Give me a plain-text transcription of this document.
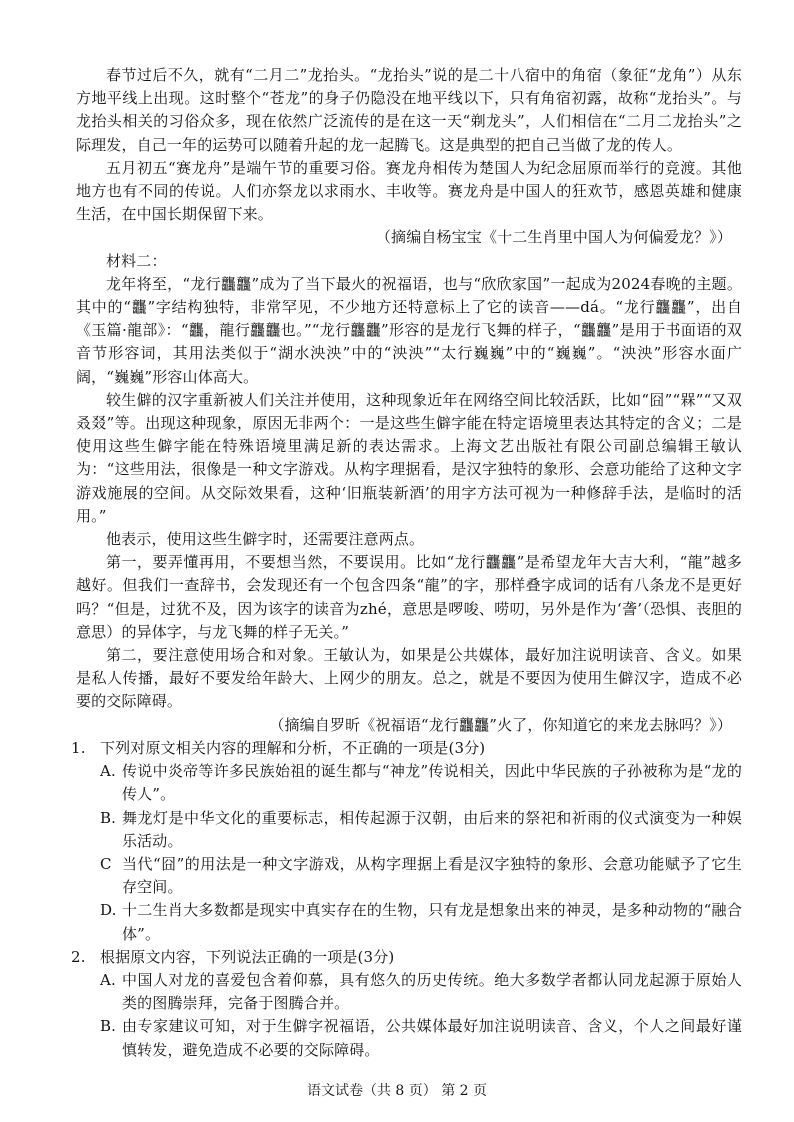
春节过后不久，就有“二月二”龙抬头。“龙抬头”说的是二十八宿中的角宿（象征“龙角”）从东方地平线上出现。这时整个“苍龙”的身子仍隐没在地平线以下，只有角宿初露，故称“龙抬头”。与龙抬头相关的习俗众多，现在依然广泛流传的是在这一天“剃龙头”，人们相信在“二月二龙抬头”之际理发，自己一年的运势可以随着升起的龙一起腾飞。这是典型的把自己当做了龙的传人。

五月初五“赛龙舟”是端午节的重要习俗。赛龙舟相传为楚国人为纪念屈原而举行的竞渡。其他地方也有不同的传说。人们亦祭龙以求雨水、丰收等。赛龙舟是中国人的狂欢节，感恩英雄和健康生活，在中国长期保留下来。

（摘编自杨宝宝《十二生肖里中国人为何偏爱龙？》）

材料二：

龙年将至，“龙行龘龘”成为了当下最火的祝福语，也与“欣欣家国”一起成为2024春晚的主题。其中的“龘”字结构独特，非常罕见，不少地方还特意标上了它的读音——dá。“龙行龘龘”，出自《玉篇·龍部》：“龘，龍行龘龘也。”“龙行龘龘”形容的是龙行飞舞的样子，“龘龘”是用于书面语的双音节形容词，其用法类似于“湖水泱泱”中的“泱泱”“太行巍巍”中的“巍巍”。“泱泱”形容水面广阔，“巍巍”形容山体高大。

较生僻的汉字重新被人们关注并使用，这种现象近年在网络空间比较活跃，比如“囧”“槑”“又双叒叕”等。出现这种现象，原因无非两个：一是这些生僻字能在特定语境里表达其特定的含义；二是使用这些生僻字能在特殊语境里满足新的表达需求。上海文艺出版社有限公司副总编辑王敏认为：“这些用法，很像是一种文字游戏。从构字理据看，是汉字独特的象形、会意功能给了这种文字游戏施展的空间。从交际效果看，这种‘旧瓶装新酒’的用字方法可视为一种修辞手法，是临时的活用。”

他表示，使用这些生僻字时，还需要注意两点。

第一，要弄懂再用，不要想当然，不要误用。比如“龙行龘龘”是希望龙年大吉大利，“龍”越多越好。但我们一查辞书，会发现还有一个包含四条“龍”的字，那样叠字成词的话有八条龙不是更好吗？“但是，过犹不及，因为该字的读音为zhé，意思是啰唆、唠叨，另外是作为‘詟’（恐惧、丧胆的意思）的异体字，与龙飞舞的样子无关。”

第二，要注意使用场合和对象。王敏认为，如果是公共媒体，最好加注说明读音、含义。如果是私人传播，最好不要发给年龄大、上网少的朋友。总之，就是不要因为使用生僻汉字，造成不必要的交际障碍。

（摘编自罗昕《祝福语“龙行龘龘”火了，你知道它的来龙去脉吗？》）

1. 下列对原文相关内容的理解和分析，不正确的一项是(3分)

A. 传说中炎帝等许多民族始祖的诞生都与“神龙”传说相关，因此中华民族的子孙被称为是“龙的传人”。

B. 舞龙灯是中华文化的重要标志，相传起源于汉朝，由后来的祭祀和祈雨的仪式演变为一种娱乐活动。

C 当代“囧”的用法是一种文字游戏，从构字理据上看是汉字独特的象形、会意功能赋予了它生存空间。

D. 十二生肖大多数都是现实中真实存在的生物，只有龙是想象出来的神灵，是多种动物的“融合体”。

2. 根据原文内容，下列说法正确的一项是(3分)

A. 中国人对龙的喜爱包含着仰慕，具有悠久的历史传统。绝大多数学者都认同龙起源于原始人类的图腾崇拜，完备于图腾合并。

B. 由专家建议可知，对于生僻字祝福语，公共媒体最好加注说明读音、含义，个人之间最好谨慎转发，避免造成不必要的交际障碍。

语文试卷（共 8 页） 第 2 页
